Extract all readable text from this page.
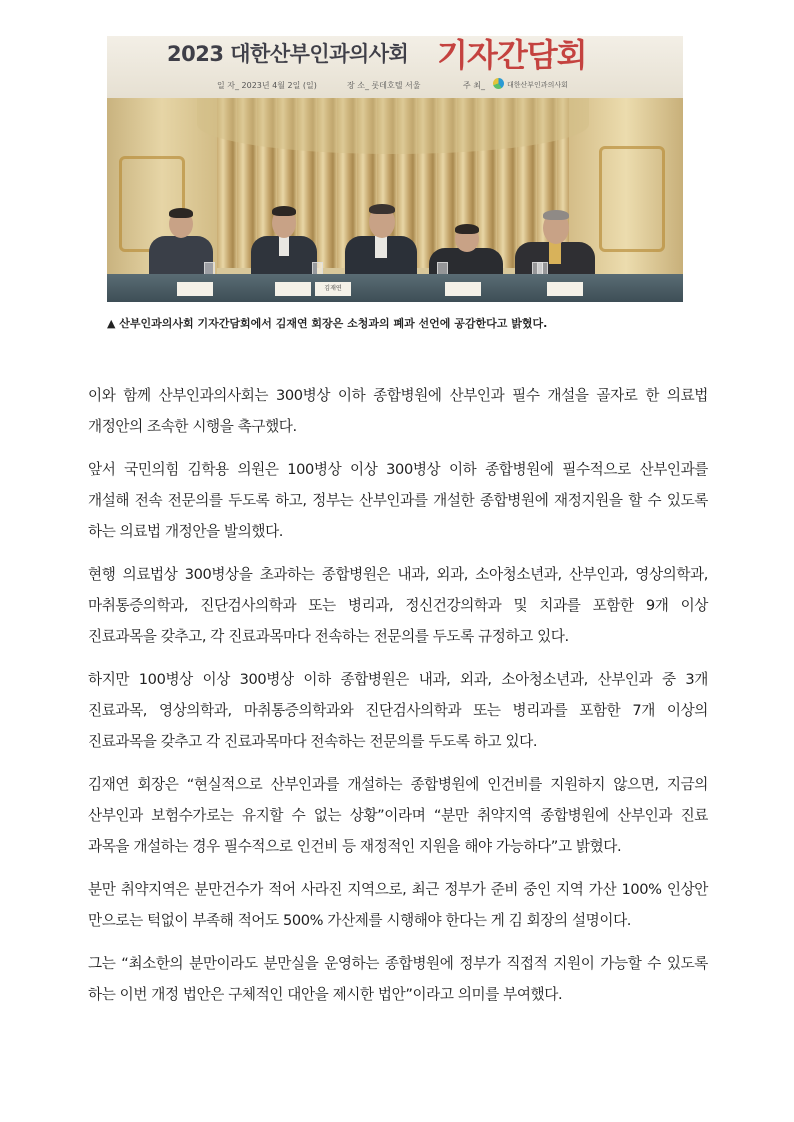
2023 대한산부인과의사회 기자간담회
일 자_ 2023년 4월 2일 (일)	장 소_ 롯데호텔 서울	주 최_	대한산부인과의사회
김재연
▲ 산부인과의사회 기자간담회에서 김재연 회장은 소청과의 폐과 선언에 공감한다고 밝혔다.

이와 함께 산부인과의사회는 300병상 이하 종합병원에 산부인과 필수 개설을 골자로 한 의료법 개정안의 조속한 시행을 촉구했다.

앞서 국민의힘 김학용 의원은 100병상 이상 300병상 이하 종합병원에 필수적으로 산부인과를 개설해 전속 전문의를 두도록 하고, 정부는 산부인과를 개설한 종합병원에 재정지원을 할 수 있도록 하는 의료법 개정안을 발의했다.

현행 의료법상 300병상을 초과하는 종합병원은 내과, 외과, 소아청소년과, 산부인과, 영상의학과, 마취통증의학과, 진단검사의학과 또는 병리과, 정신건강의학과 및 치과를 포함한 9개 이상 진료과목을 갖추고, 각 진료과목마다 전속하는 전문의를 두도록 규정하고 있다.

하지만 100병상 이상 300병상 이하 종합병원은 내과, 외과, 소아청소년과, 산부인과 중 3개 진료과목, 영상의학과, 마취통증의학과와 진단검사의학과 또는 병리과를 포함한 7개 이상의 진료과목을 갖추고 각 진료과목마다 전속하는 전문의를 두도록 하고 있다.

김재연 회장은 “현실적으로 산부인과를 개설하는 종합병원에 인건비를 지원하지 않으면, 지금의 산부인과 보험수가로는 유지할 수 없는 상황”이라며 “분만 취약지역 종합병원에 산부인과 진료 과목을 개설하는 경우 필수적으로 인건비 등 재정적인 지원을 해야 가능하다”고 밝혔다.

분만 취약지역은 분만건수가 적어 사라진 지역으로, 최근 정부가 준비 중인 지역 가산 100% 인상안 만으로는 턱없이 부족해 적어도 500% 가산제를 시행해야 한다는 게 김 회장의 설명이다.

그는 “최소한의 분만이라도 분만실을 운영하는 종합병원에 정부가 직접적 지원이 가능할 수 있도록 하는 이번 개정 법안은 구체적인 대안을 제시한 법안”이라고 의미를 부여했다.
